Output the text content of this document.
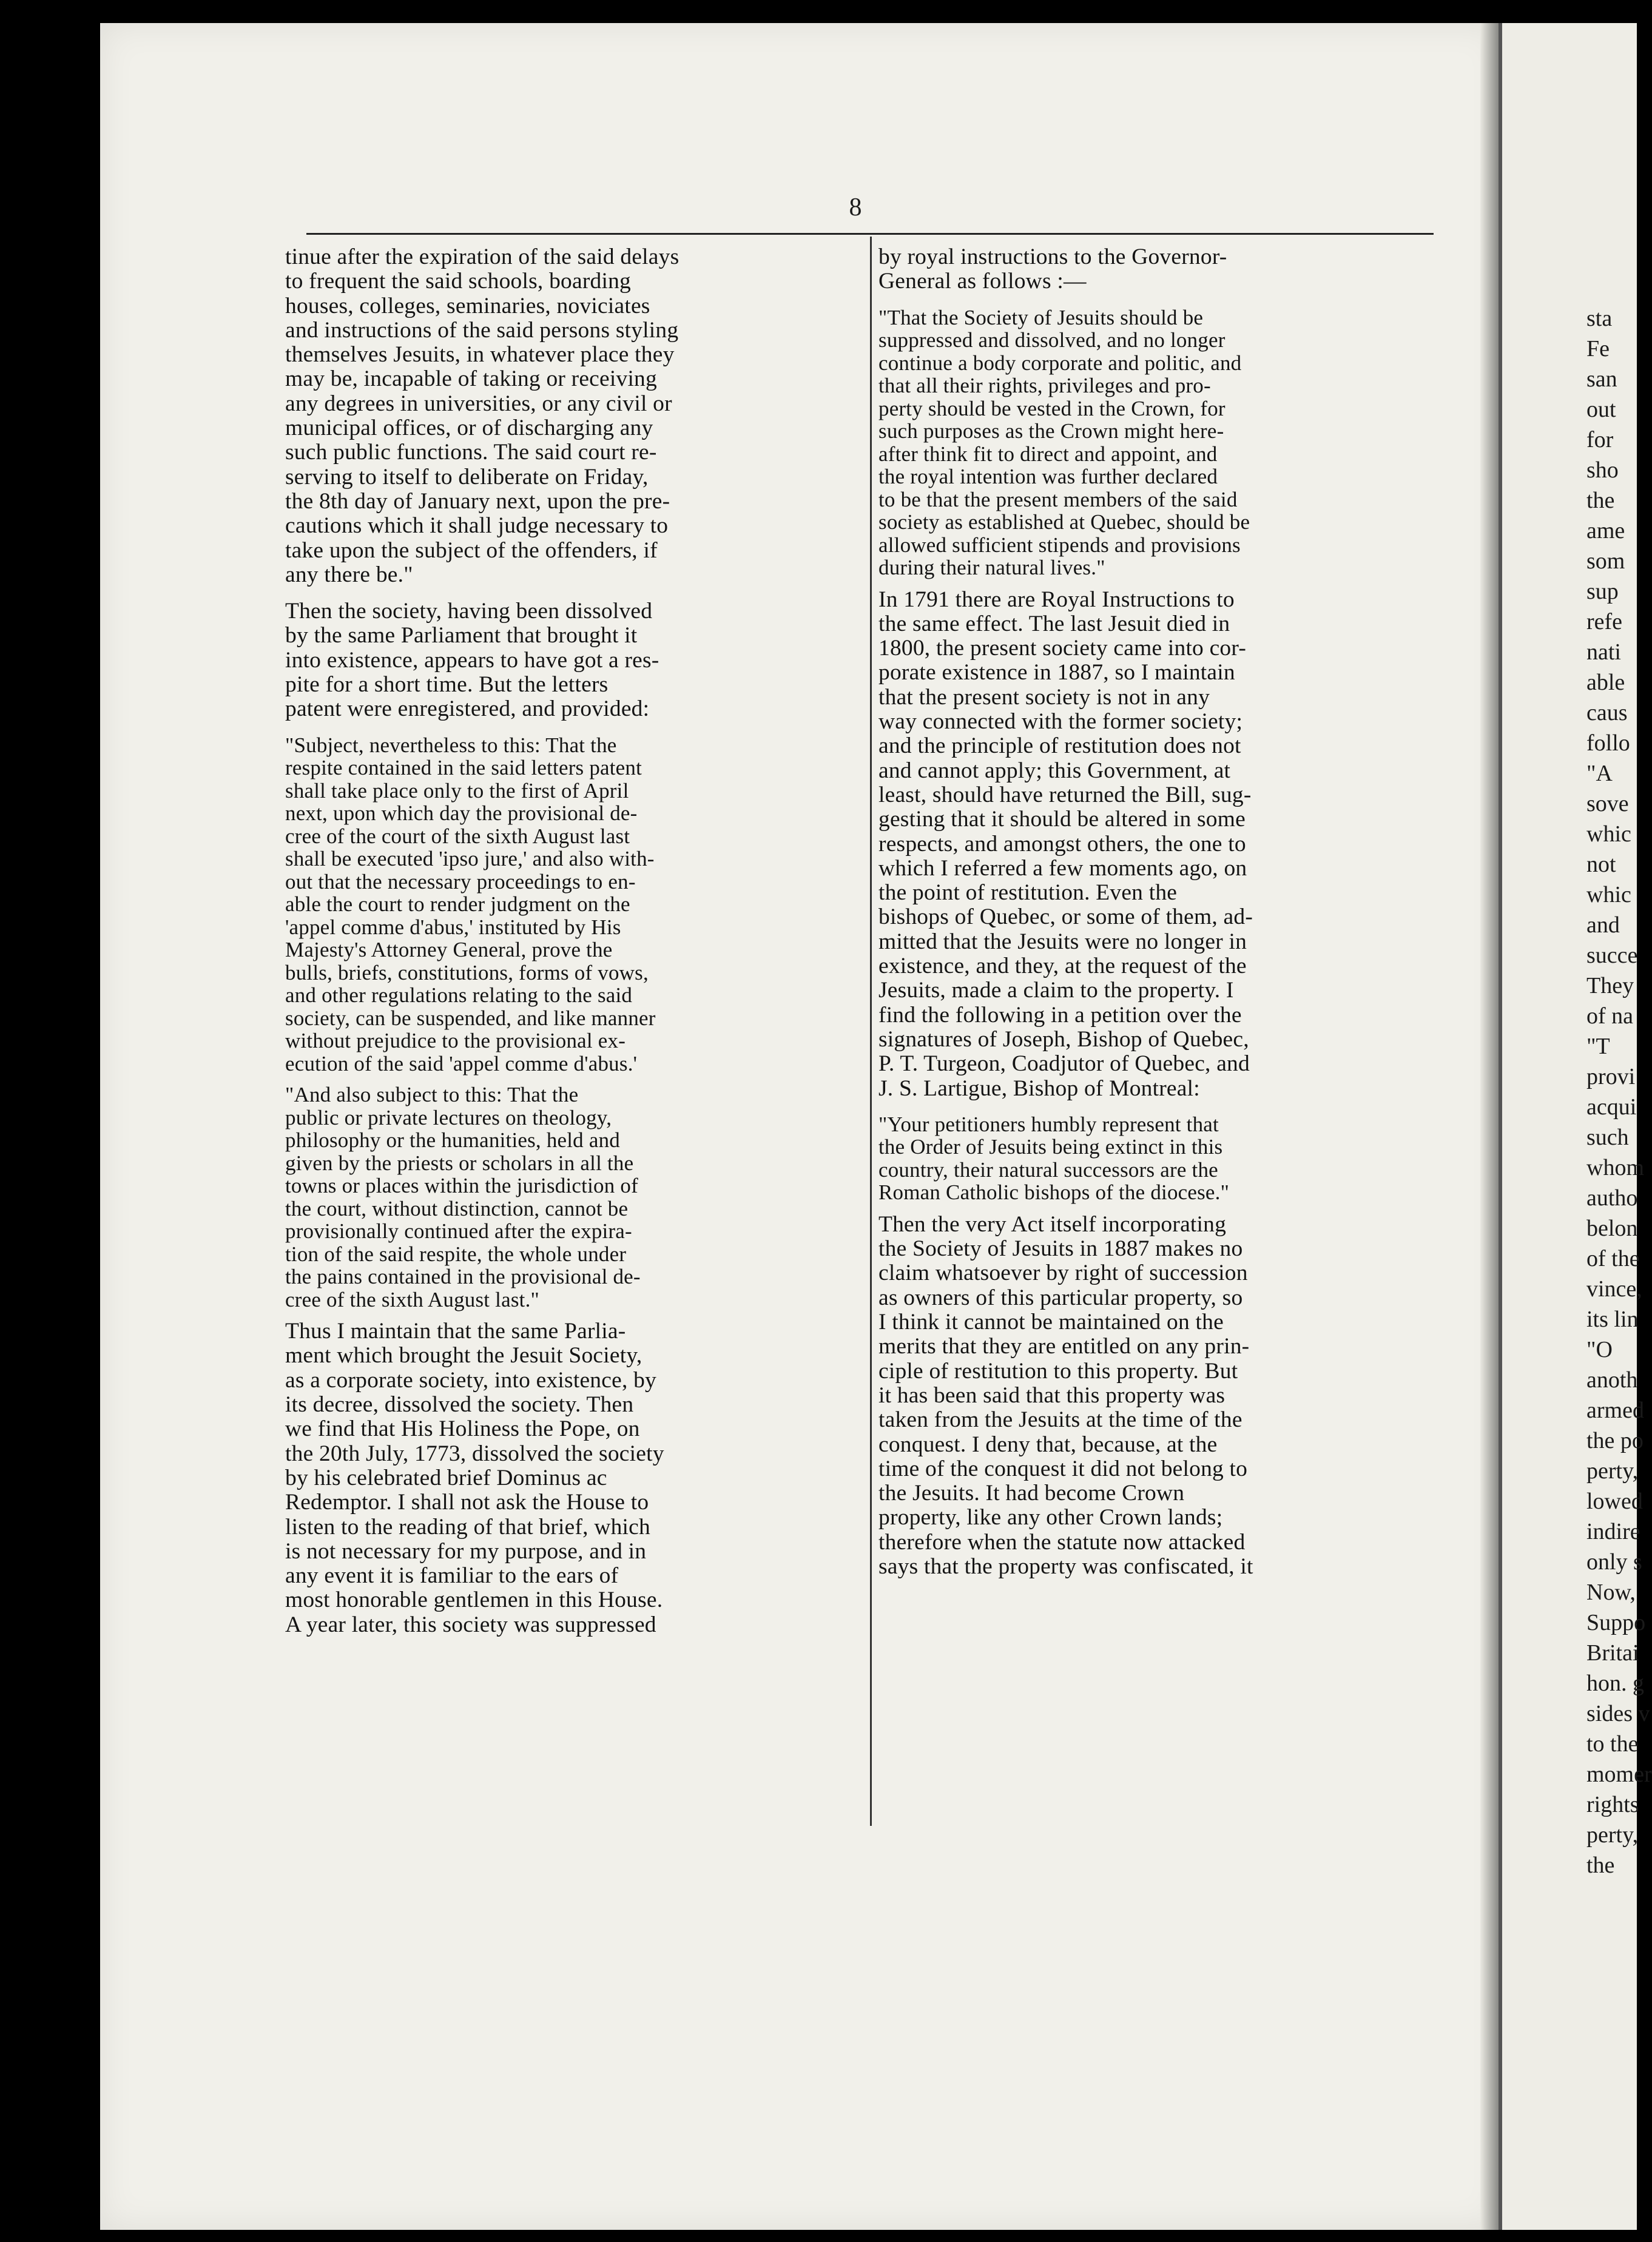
8
tinue after the expiration of the said delays
to frequent the said schools, boarding
houses, colleges, seminaries, noviciates
and instructions of the said persons styling
themselves Jesuits, in whatever place they
may be, incapable of taking or receiving
any degrees in universities, or any civil or
municipal offices, or of discharging any
such public functions. The said court re-
serving to itself to deliberate on Friday,
the 8th day of January next, upon the pre-
cautions which it shall judge necessary to
take upon the subject of the offenders, if
any there be."
Then the society, having been dissolved
by the same Parliament that brought it
into existence, appears to have got a res-
pite for a short time. But the letters
patent were enregistered, and provided:
"Subject, nevertheless to this: That the
respite contained in the said letters patent
shall take place only to the first of April
next, upon which day the provisional de-
cree of the court of the sixth August last
shall be executed 'ipso jure,' and also with-
out that the necessary proceedings to en-
able the court to render judgment on the
'appel comme d'abus,' instituted by His
Majesty's Attorney General, prove the
bulls, briefs, constitutions, forms of vows,
and other regulations relating to the said
society, can be suspended, and like manner
without prejudice to the provisional ex-
ecution of the said 'appel comme d'abus.'
"And also subject to this: That the
public or private lectures on theology,
philosophy or the humanities, held and
given by the priests or scholars in all the
towns or places within the jurisdiction of
the court, without distinction, cannot be
provisionally continued after the expira-
tion of the said respite, the whole under
the pains contained in the provisional de-
cree of the sixth August last."
Thus I maintain that the same Parlia-
ment which brought the Jesuit Society,
as a corporate society, into existence, by
its decree, dissolved the society. Then
we find that His Holiness the Pope, on
the 20th July, 1773, dissolved the society
by his celebrated brief Dominus ac
Redemptor. I shall not ask the House to
listen to the reading of that brief, which
is not necessary for my purpose, and in
any event it is familiar to the ears of
most honorable gentlemen in this House.
A year later, this society was suppressed
by royal instructions to the Governor-
General as follows :—
"That the Society of Jesuits should be
suppressed and dissolved, and no longer
continue a body corporate and politic, and
that all their rights, privileges and pro-
perty should be vested in the Crown, for
such purposes as the Crown might here-
after think fit to direct and appoint, and
the royal intention was further declared
to be that the present members of the said
society as established at Quebec, should be
allowed sufficient stipends and provisions
during their natural lives."
In 1791 there are Royal Instructions to
the same effect. The last Jesuit died in
1800, the present society came into cor-
porate existence in 1887, so I maintain
that the present society is not in any
way connected with the former society;
and the principle of restitution does not
and cannot apply; this Government, at
least, should have returned the Bill, sug-
gesting that it should be altered in some
respects, and amongst others, the one to
which I referred a few moments ago, on
the point of restitution. Even the
bishops of Quebec, or some of them, ad-
mitted that the Jesuits were no longer in
existence, and they, at the request of the
Jesuits, made a claim to the property. I
find the following in a petition over the
signatures of Joseph, Bishop of Quebec,
P. T. Turgeon, Coadjutor of Quebec, and
J. S. Lartigue, Bishop of Montreal:
"Your petitioners humbly represent that
the Order of Jesuits being extinct in this
country, their natural successors are the
Roman Catholic bishops of the diocese."
Then the very Act itself incorporating
the Society of Jesuits in 1887 makes no
claim whatsoever by right of succession
as owners of this particular property, so
I think it cannot be maintained on the
merits that they are entitled on any prin-
ciple of restitution to this property. But
it has been said that this property was
taken from the Jesuits at the time of the
conquest. I deny that, because, at the
time of the conquest it did not belong to
the Jesuits. It had become Crown
property, like any other Crown lands;
therefore when the statute now attacked
says that the property was confiscated, it
sta
Fe
san
out
for
sho
the
ame
som
sup
refe
nati
able
caus
follo
"A
sove
whic
not
whic
and
succe
They
of na
"T
provi
acqui
such
whom
autho
belon
of the
vince,
its lin
"O
anoth
armed
the po
perty,
lowed
indire
only s
Now,
Suppo
Britai
hon. g
sides v
to the
momer
rights
perty,
the
